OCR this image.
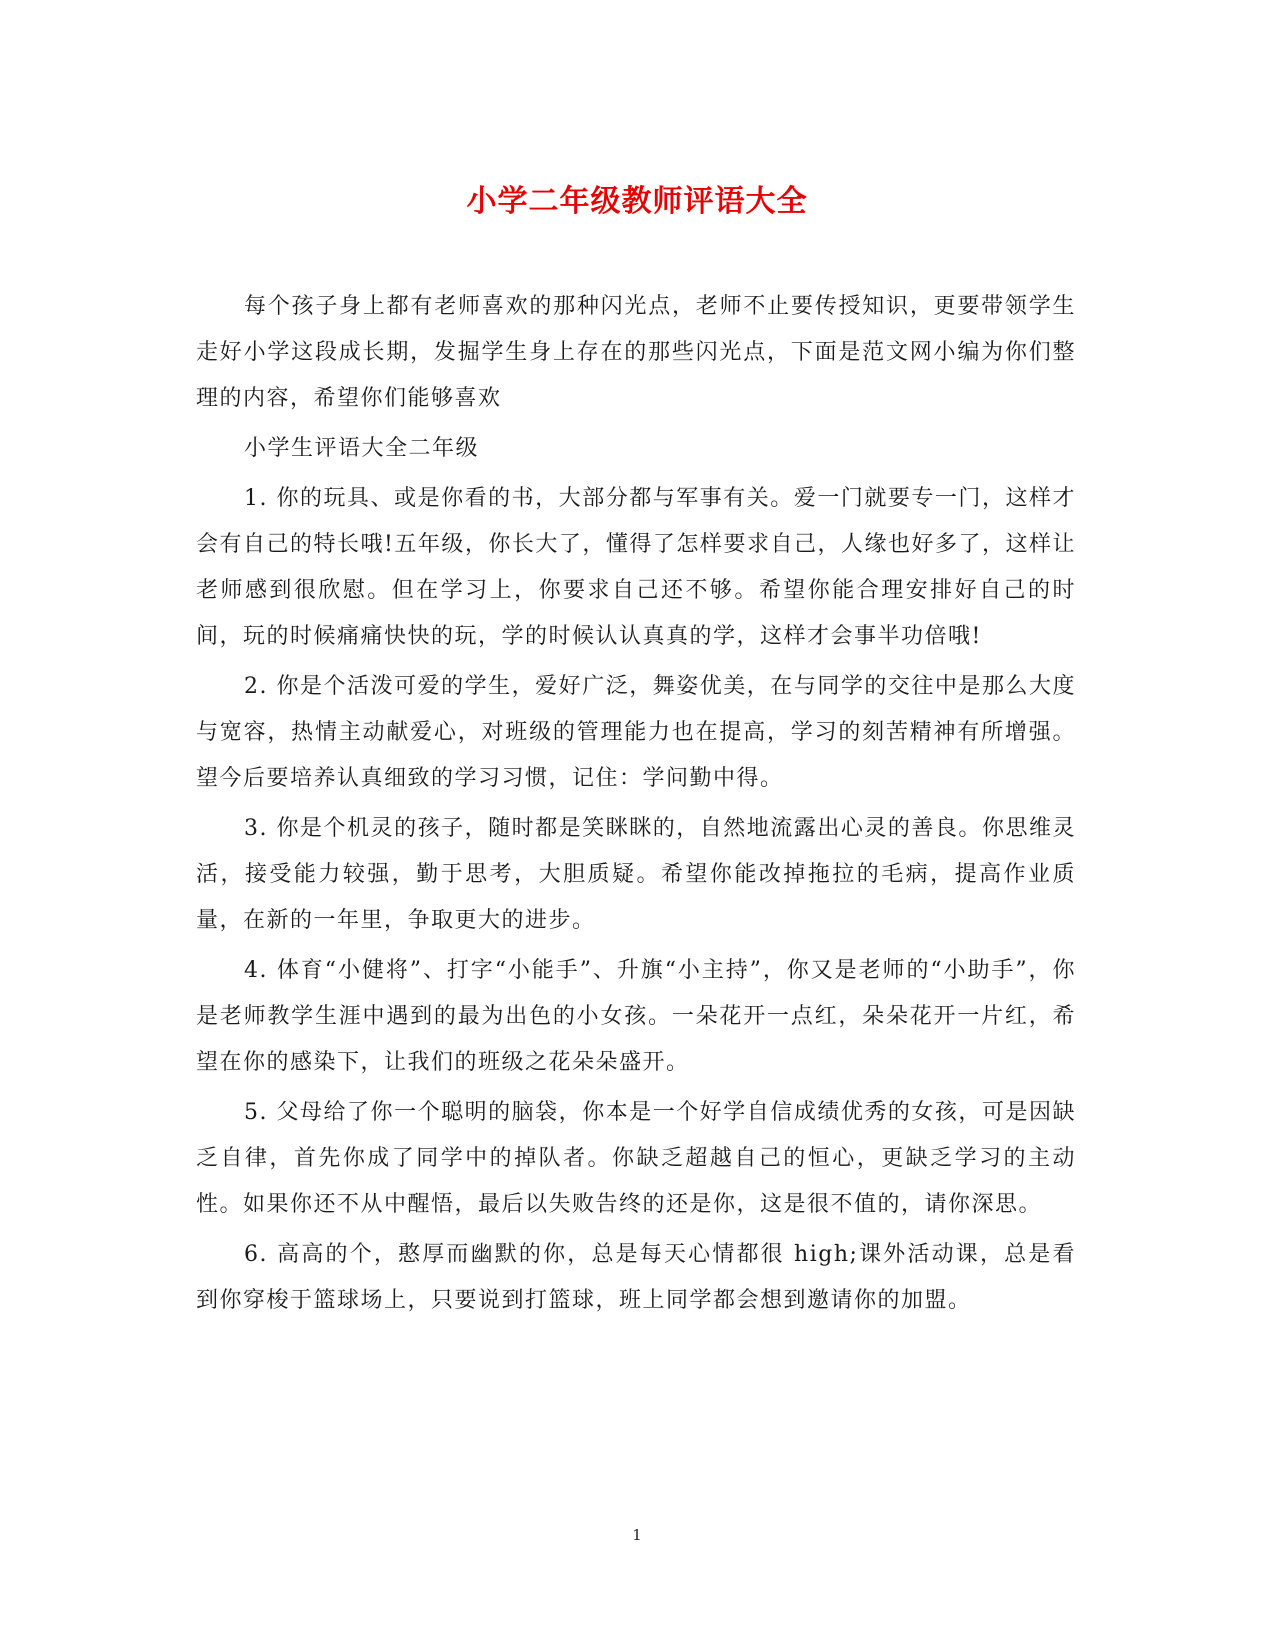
小学二年级教师评语大全

每个孩子身上都有老师喜欢的那种闪光点，老师不止要传授知识，更要带领学生走好小学这段成长期，发掘学生身上存在的那些闪光点，下面是范文网小编为你们整理的内容，希望你们能够喜欢

小学生评语大全二年级

1. 你的玩具、或是你看的书，大部分都与军事有关。爱一门就要专一门，这样才会有自己的特长哦!五年级，你长大了，懂得了怎样要求自己，人缘也好多了，这样让老师感到很欣慰。但在学习上，你要求自己还不够。希望你能合理安排好自己的时间，玩的时候痛痛快快的玩，学的时候认认真真的学，这样才会事半功倍哦!

2. 你是个活泼可爱的学生，爱好广泛，舞姿优美，在与同学的交往中是那么大度与宽容，热情主动献爱心，对班级的管理能力也在提高，学习的刻苦精神有所增强。望今后要培养认真细致的学习习惯，记住：学问勤中得。

3. 你是个机灵的孩子，随时都是笑眯眯的，自然地流露出心灵的善良。你思维灵活，接受能力较强，勤于思考，大胆质疑。希望你能改掉拖拉的毛病，提高作业质量，在新的一年里，争取更大的进步。

4. 体育“小健将”、打字“小能手”、升旗“小主持”，你又是老师的“小助手”，你是老师教学生涯中遇到的最为出色的小女孩。一朵花开一点红，朵朵花开一片红，希望在你的感染下，让我们的班级之花朵朵盛开。

5. 父母给了你一个聪明的脑袋，你本是一个好学自信成绩优秀的女孩，可是因缺乏自律，首先你成了同学中的掉队者。你缺乏超越自己的恒心，更缺乏学习的主动性。如果你还不从中醒悟，最后以失败告终的还是你，这是很不值的，请你深思。

6. 高高的个，憨厚而幽默的你，总是每天心情都很 high;课外活动课，总是看到你穿梭于篮球场上，只要说到打篮球，班上同学都会想到邀请你的加盟。

1
